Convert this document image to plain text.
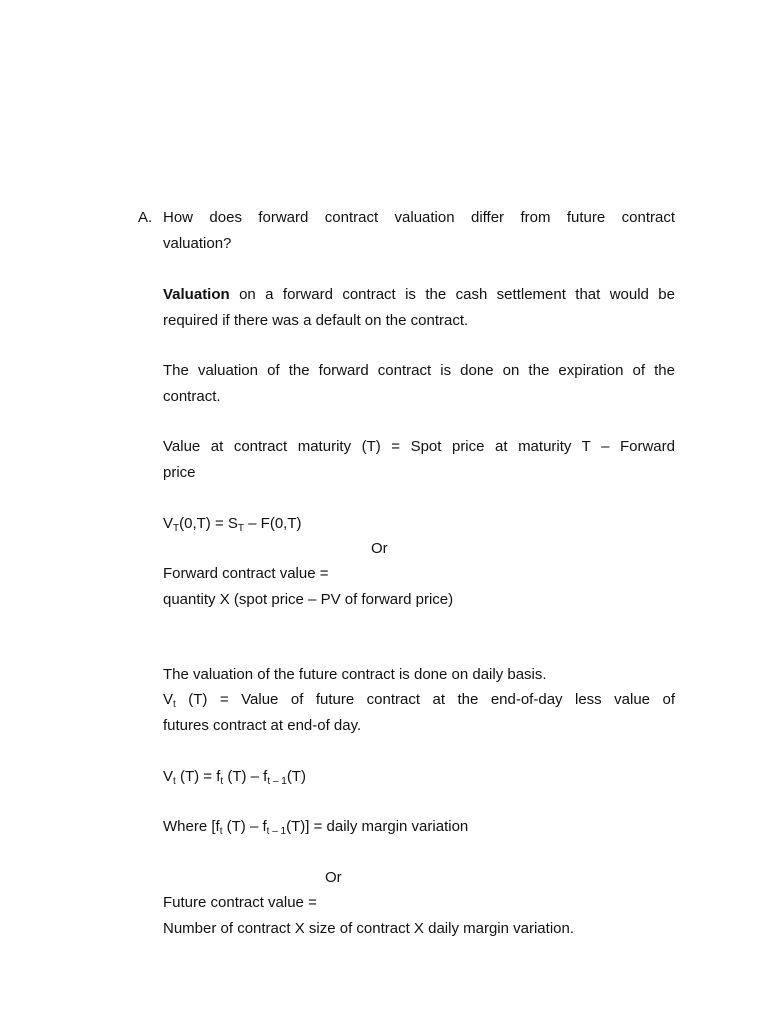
A. How does forward contract valuation differ from future contract
valuation?
Valuation on a forward contract is the cash settlement that would be
required if there was a default on the contract.
The valuation of the forward contract is done on the expiration of the
contract.
Value at contract maturity (T) = Spot price at maturity T – Forward
price
$V_T(0,T) = S_T - F(0,T)$
Or
Forward contract value =
quantity X (spot price – PV of forward price)
The valuation of the future contract is done on daily basis.
$V_t$ (T) = Value of future contract at the end-of-day less value of
futures contract at end-of day.
$V_t$ $(T) = f_t$ $(T) - f_{t - 1}(T)$
Where [$f_t$ $(T) - f_{t - 1}(T)$] = daily margin variation
Or
Future contract value =
Number of contract X size of contract X daily margin variation.
